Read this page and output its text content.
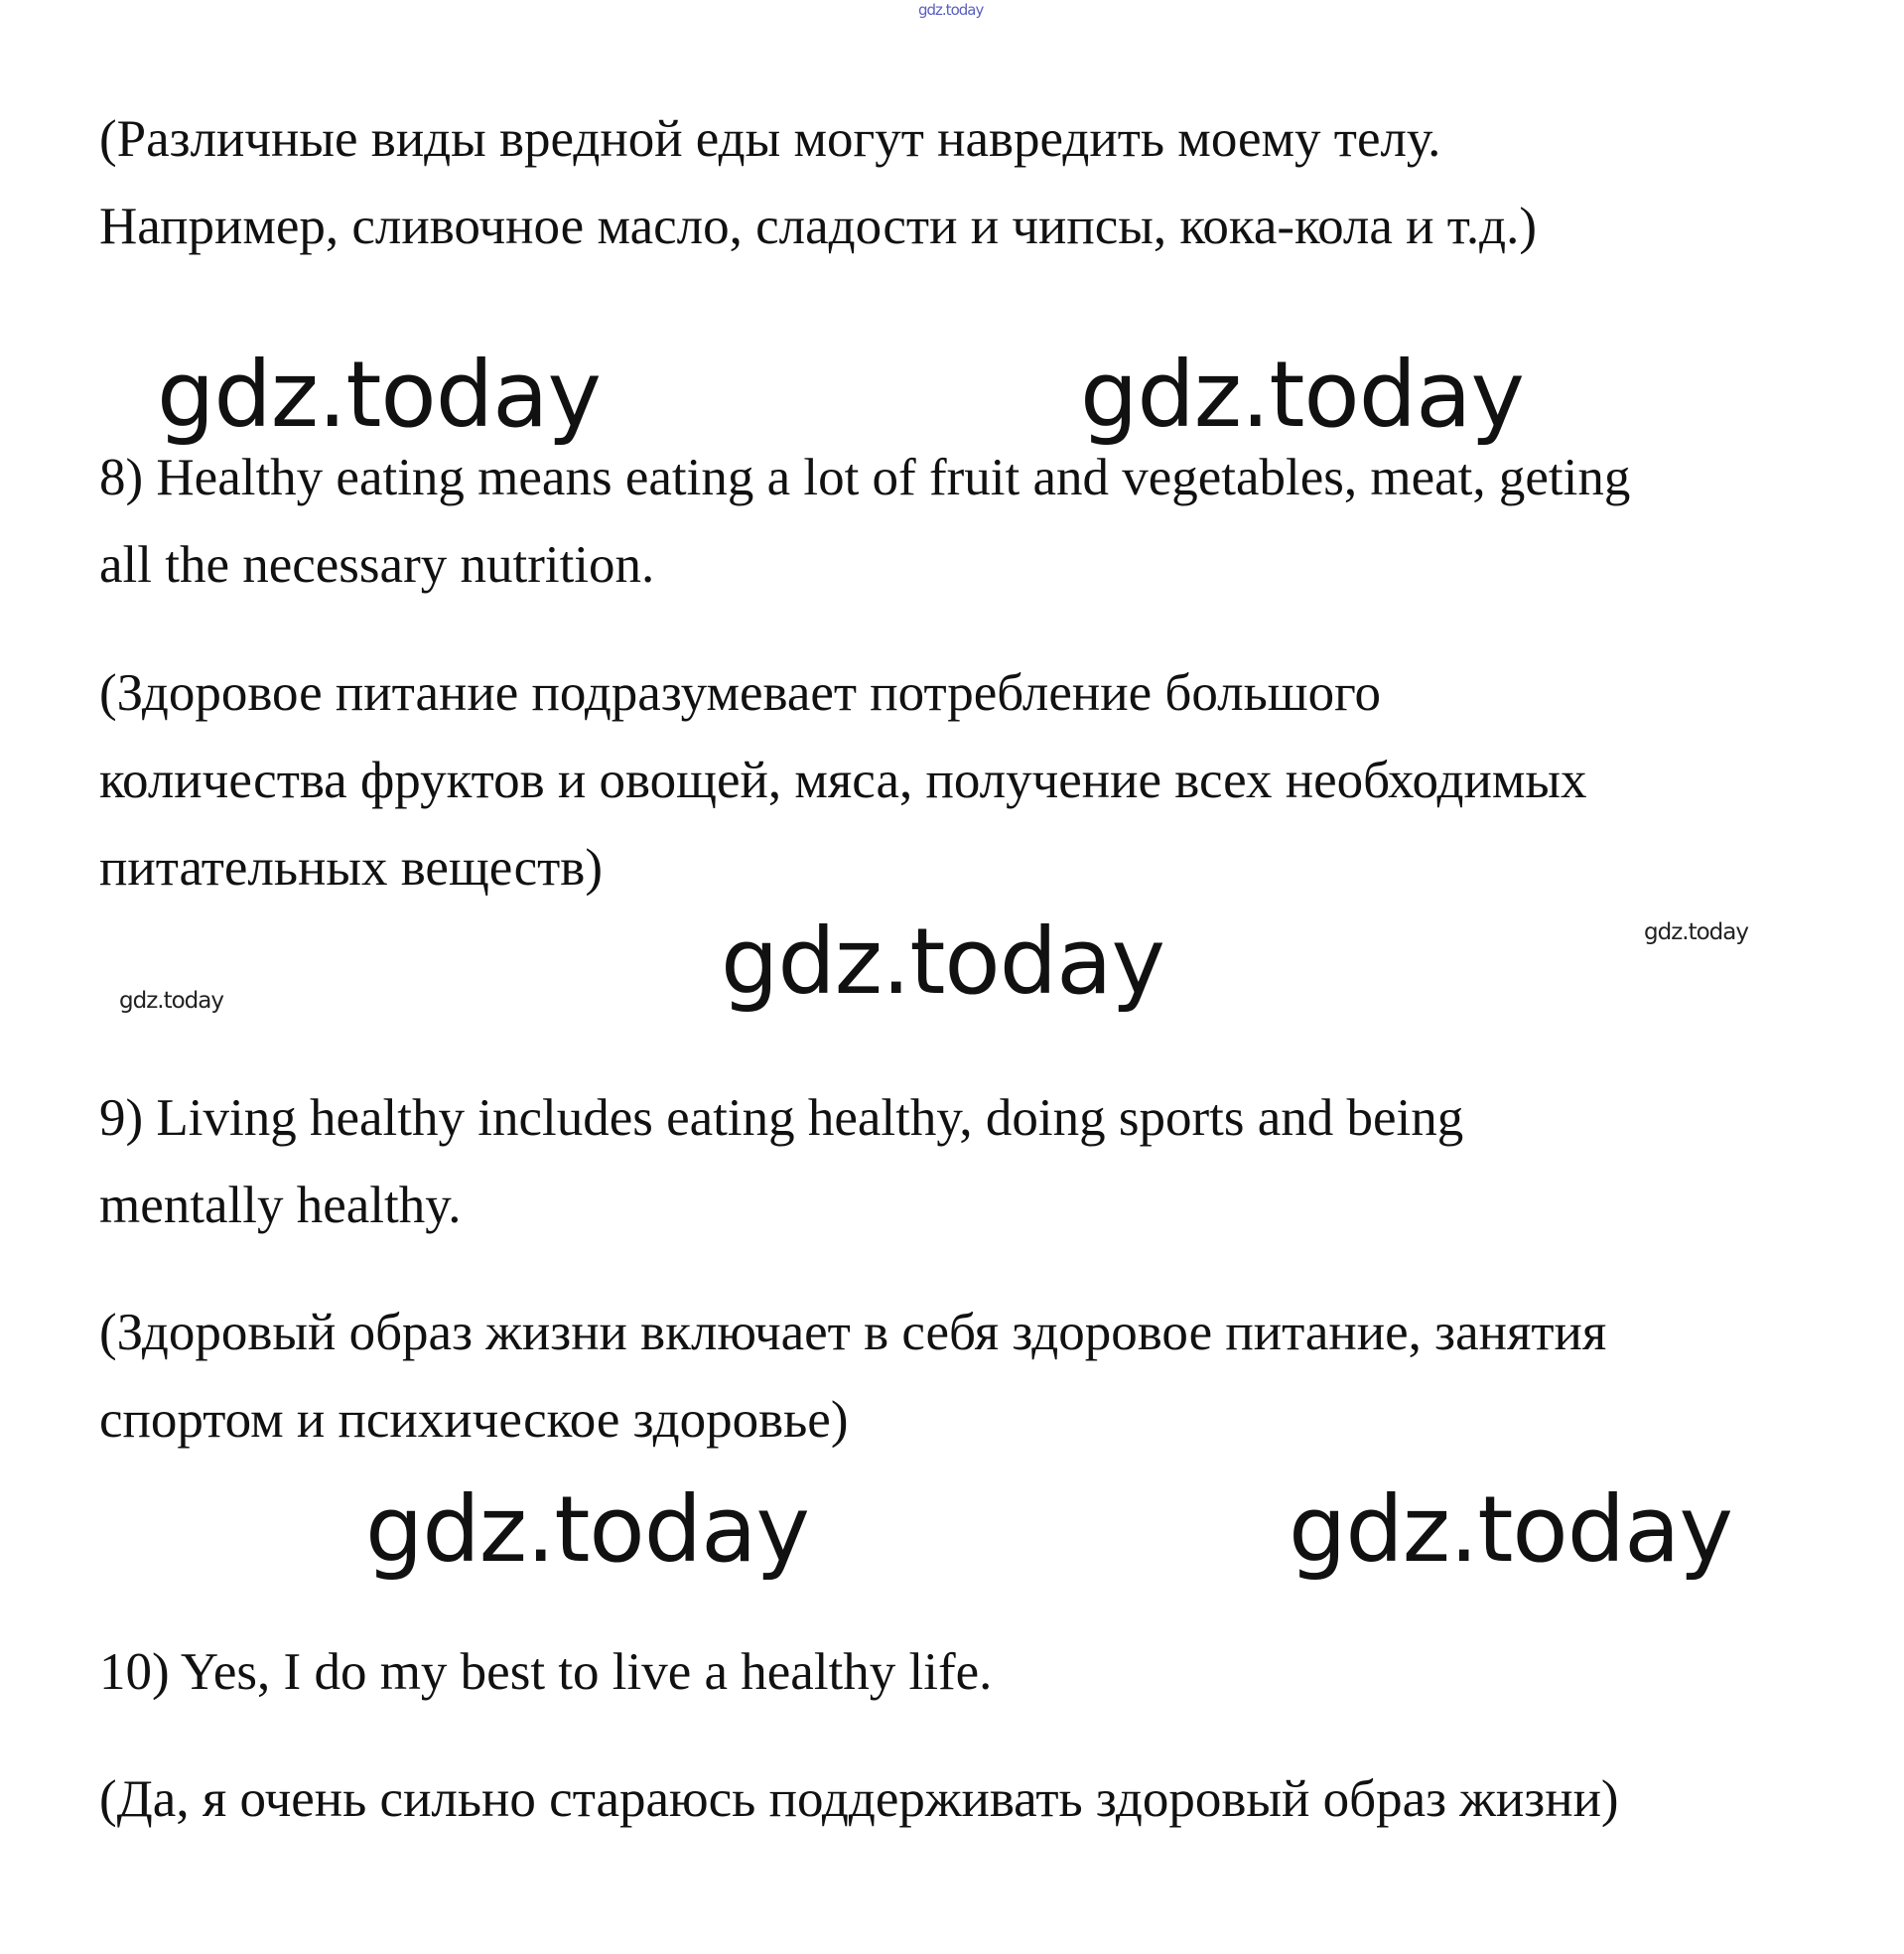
gdz.today

(Различные виды вредной еды могут навредить моему телу.
Например, сливочное масло, сладости и чипсы, кока-кола и т.д.)

gdz.today	gdz.today

8) Healthy eating means eating a lot of fruit and vegetables, meat, geting
all the necessary nutrition.

(Здоровое питание подразумевает потребление большого
количества фруктов и овощей, мяса, получение всех необходимых
питательных веществ)

gdz.today
gdz.today
gdz.today

9) Living healthy includes eating healthy, doing sports and being
mentally healthy.

(Здоровый образ жизни включает в себя здоровое питание, занятия
спортом и психическое здоровье)

gdz.today	gdz.today

10) Yes, I do my best to live a healthy life.

(Да, я очень сильно стараюсь поддерживать здоровый образ жизни)
